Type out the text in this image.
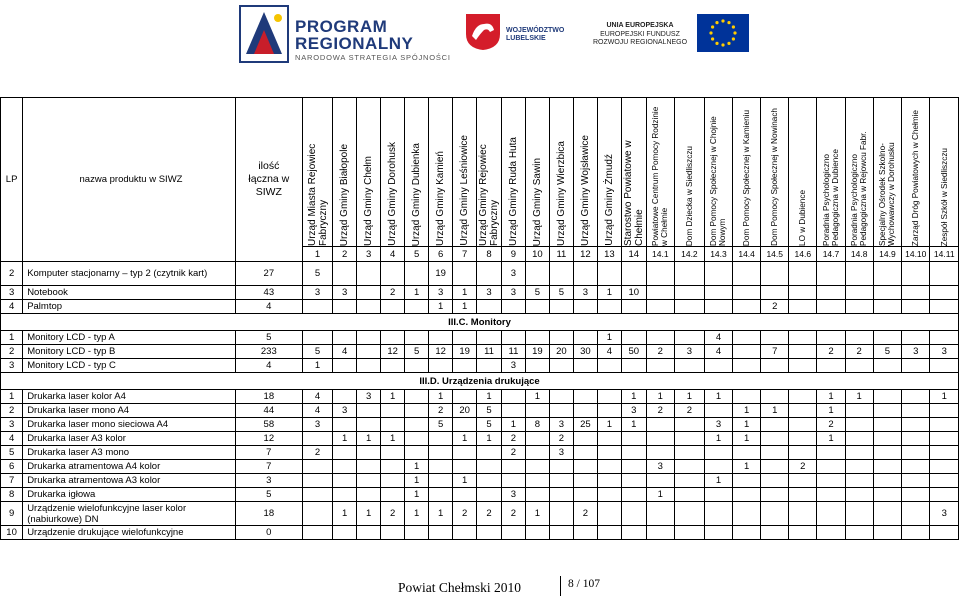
PROGRAM
REGIONALNY
NARODOWA STRATEGIA SPÓJNOŚCI
WOJEWÓDZTWO
LUBELSKIE
UNIA EUROPEJSKA
EUROPEJSKI FUNDUSZ
ROZWOJU REGIONALNEGO
LP	nazwa produktu w SIWZ	ilość łączna w SIWZ	Urząd Miasta Rejowiec Fabryczny	Urząd Gminy Białopole	Urząd Gminy Chełm	Urząd Gminy Dorohusk	Urząd Gminy Dubienka	Urząd Gminy Kamień	Urząd Gminy Leśniowice	Urząd Gminy Rejowiec Fabryczny	Urząd Gminy Ruda Huta	Urząd Gminy Sawin	Urząd Gminy Wierzbica	Urząd Gminy Wojsławice	Urząd Gminy Żmudź	Starostwo Powiatowe w Chełmie	Powiatowe Centrum Pomocy Rodzinie w Chełmie	Dom Dziecka w Siedliszczu	Dom Pomocy Społecznej w Chojnie Nowym	Dom Pomocy Społecznej w Kamieniu	Dom Pomocy Społecznej w Nowinach	LO w Dubience	Poradnia Psychologiczno Pedagogiczna w Dubience	Poradnia Psychologiczno Pedagogiczna w Rejowcu Fabr.	Specjalny Ośrodek Szkolno-Wychowawczy w Dorohusku	Zarząd Dróg Powiatowych w Chełmie	Zespół Szkół w Siedliszczu

			1	2	3	4	5	6	7	8	9	10	11	12	13	14	14.1	14.2	14.3	14.4	14.5	14.6	14.7	14.8	14.9	14.10	14.11
2	Komputer stacjonarny – typ 2 (czytnik kart)	27	5					19			3																
3	Notebook	43	3	3		2	1	3	1	3	3	5	5	3	1	10											
4	Palmtop	4						1	1												2						
III.C. Monitory																											
1	Monitory LCD - typ A	5													1				4								
2	Monitory LCD - typ B	233	5	4		12	5	12	19	11	11	19	20	30	4	50	2	3	4		7		2	2	5	3	3
3	Monitory LCD - typ C	4	1								3																
III.D. Urządzenia drukujące																											
1	Drukarka laser kolor A4	18	4		3	1		1		1		1				1	1	1	1				1	1			1
2	Drukarka laser mono A4	44	4	3				2	20	5						3	2	2		1	1		1				
3	Drukarka laser mono sieciowa A4	58	3					5		5	1	8	3	25	1	1			3	1			2				
4	Drukarka laser A3 kolor	12		1	1	1			1	1	2		2						1	1			1				
5	Drukarka laser A3 mono	7	2								2		3														
6	Drukarka atramentowa A4 kolor	7					1										3			1		2					
7	Drukarka atramentowa A3 kolor	3					1		1										1								
8	Drukarka igłowa	5					1				3						1										
9	Urządzenie wielofunkcyjne laser kolor (nabiurkowe) DN	18		1	1	2	1	1	2	2	2	1		2													3
10	Urządzenie drukujące wielofunkcyjne	0																									
Powiat Chełmski 2010	8 / 107
